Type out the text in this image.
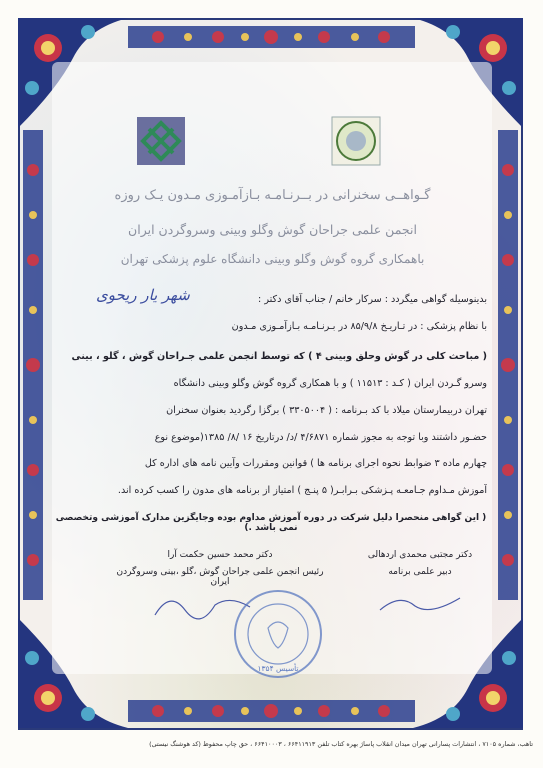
گـواهــی سخنرانی در بــرنـامـه بـازآمـوزی مـدون یـک روزه
انجمن علمی جراحان گوش وگلو وبینی وسروگردن ایران
باهمکاری گروه گوش وگلو وبینی دانشگاه علوم پزشکی تهران
شهر یار ریحوی	بدینوسیله گواهی میگردد : سرکار خانم / جناب آقای دکتر :
با نظام پزشکی : در تـاریـخ ۸۵/۹/۸ در بـرنـامـه بـازآمـوزی مـدون
( مباحث کلی در گوش وحلق وبینی ۴ ) که توسط انجمن علمی جـراحان گوش ، گلو ، بینی
وسرو گـردن ایران ( کـد : ۱۱۵۱۳ ) و با همکاری گروه گوش وگلو وبینی دانشگاه
تهران دربیمارستان میلاد با کد بـرنامه : ( ۳۳۰۵۰۰۴ ) برگزا رگردید بعنوان سخنران
حضـور داشتند وبا توجه به مجوز شماره ۴/۶۸۷۱ /د/ درتاریخ ۱۶ /۸/ ۱۳۸۵(موضوع نوع
چهارم ماده ۳ ضوابط نحوه اجرای برنامه ها ) قوانین ومقررات وآیین نامه های اداره کل
آموزش مـداوم جـامعـه پـزشکی بـرابـر( ۵ پنـج ) امتیاز از برنامه های مدون را کسب کرده اند.
( این گواهی منحصرا دلیل شرکت در دوره آموزش مداوم بوده وجایگزین مدارک آموزشی وتخصصی نمی باشد .)
دکتر مجتبی محمدی اردهالی
دبیر علمی برنامه
دکتر محمد حسین حکمت آرا
رئیس انجمن علمی جراحان گوش ،گلو ،بینی وسروگردن ایران
تأسیس ۱۳۵۴
تاهب، شماره ۷۱۰۵ ، انتشارات پسارانی تهران میدان انقلاب پاساژ بهره کتاب تلفن ۶۶۴۱۱۹۱۳ ، ۶۶۴۱۰۰۰۳ ، حق چاپ محفوظ (کد هوشنگ نیستی)
